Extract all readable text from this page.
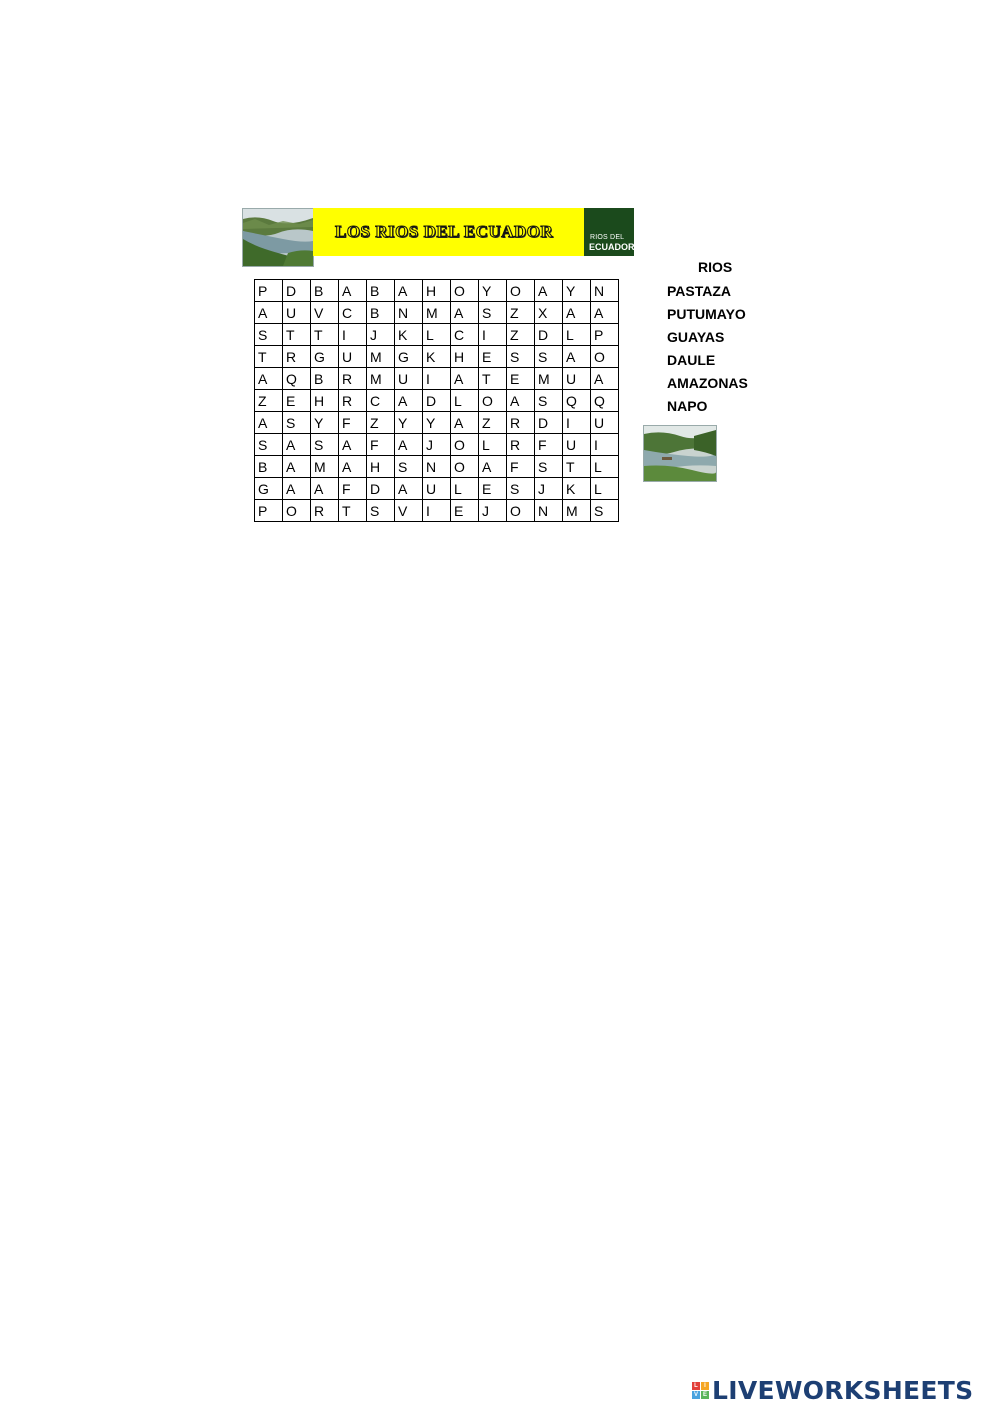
LOS RIOS DEL ECUADOR	RIOS DEL
ECUADOR
P	D	B	A	B	A	H	O	Y	O	A	Y	N
A	U	V	C	B	N	M	A	S	Z	X	A	A
S	T	T	I	J	K	L	C	I	Z	D	L	P
T	R	G	U	M	G	K	H	E	S	S	A	O
A	Q	B	R	M	U	I	A	T	E	M	U	A
Z	E	H	R	C	A	D	L	O	A	S	Q	Q
A	S	Y	F	Z	Y	Y	A	Z	R	D	I	U
S	A	S	A	F	A	J	O	L	R	F	U	I
B	A	M	A	H	S	N	O	A	F	S	T	L
G	A	A	F	D	A	U	L	E	S	J	K	L
P	O	R	T	S	V	I	E	J	O	N	M	S
RIOS
PASTAZA
PUTUMAYO
GUAYAS
DAULE
AMAZONAS
NAPO
L	I
V E LIVEWORKSHEETS
